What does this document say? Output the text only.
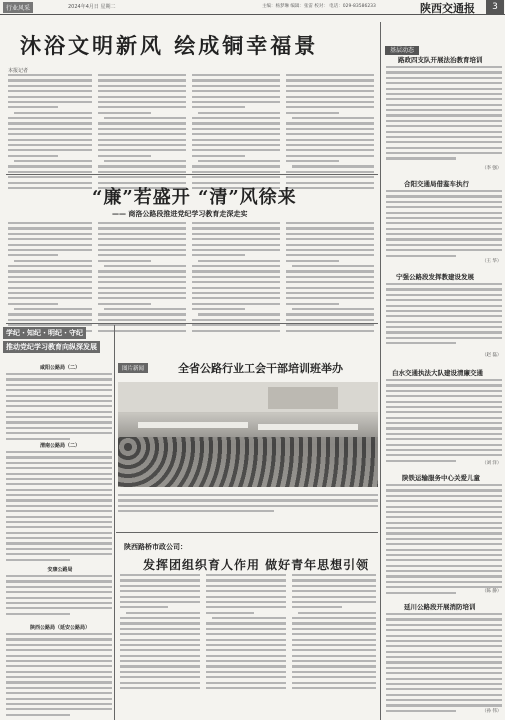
行业风采	2024年4月日 星期二	主编：杨梦琳 编辑：张雷 校对： 电话：029-83586233	陕西交通报	3
沐浴文明新风 绘成铜幸福景
本报记者
“廉”若盛开 “清”风徐来
—— 商洛公路段推进党纪学习教育走深走实
学纪・知纪・明纪・守纪
推动党纪学习教育向纵深发展
咸阳公路局（二）
渭南公路局（二）
安康公路局
陕西公路局（延安公路局）
图片新闻	全省公路行业工会干部培训班举办
陕西路桥市政公司：
发挥团组织育人作用 做好青年思想引领
基层动态
路政四支队开展法治教育培训
（李 强）
合阳交通局借鉴车执行
（王 华）
宁强公路段发挥教建设发展
（赵 磊）
白水交通执法大队建设清廉交通
（刘 洋）
陕铁运输服务中心关爱儿童
（陈 静）
延川公路段开展消防培训
（孙 伟）
